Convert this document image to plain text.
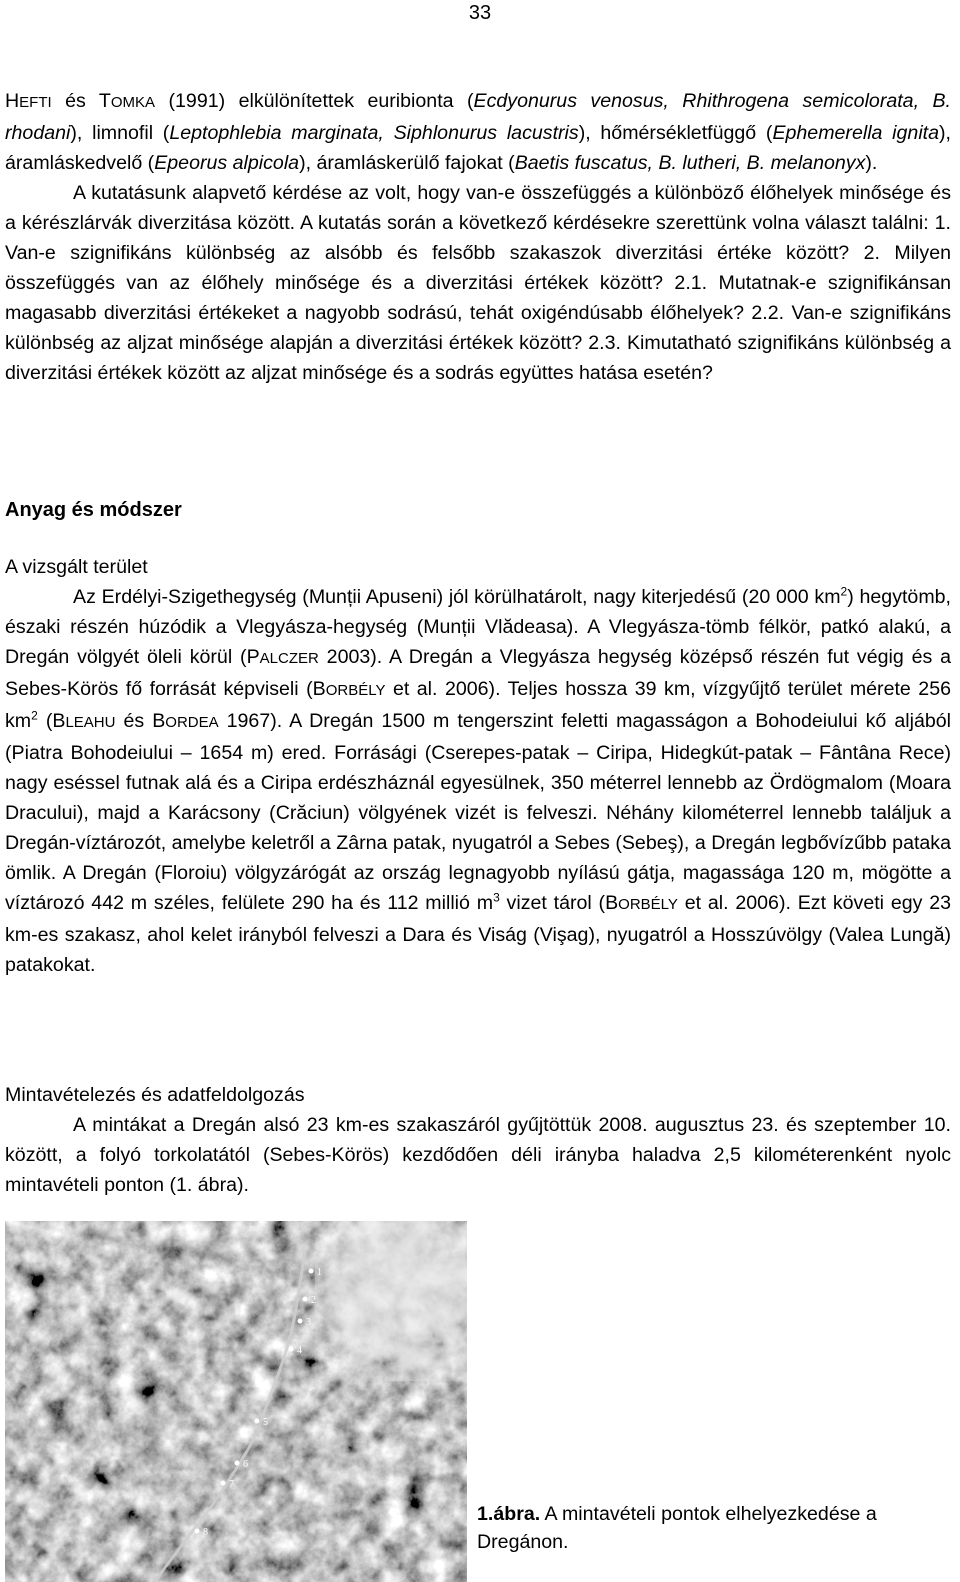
33

HEFTI és TOMKA (1991) elkülönítettek euribionta (Ecdyonurus venosus, Rhithrogena semicolorata, B. rhodani), limnofil (Leptophlebia marginata, Siphlonurus lacustris), hőmérsékletfüggő (Ephemerella ignita), áramláskedvelő (Epeorus alpicola), áramláskerülő fajokat (Baetis fuscatus, B. lutheri, B. melanonyx).
A kutatásunk alapvető kérdése az volt, hogy van-e összefüggés a különböző élőhelyek minősége és a kérészlárvák diverzitása között. A kutatás során a következő kérdésekre szerettünk volna választ találni: 1. Van-e szignifikáns különbség az alsóbb és felsőbb szakaszok diverzitási értéke között? 2. Milyen összefüggés van az élőhely minősége és a diverzitási értékek között? 2.1. Mutatnak-e szignifikánsan magasabb diverzitási értékeket a nagyobb sodrású, tehát oxigéndúsabb élőhelyek? 2.2. Van-e szignifikáns különbség az aljzat minősége alapján a diverzitási értékek között? 2.3. Kimutatható szignifikáns különbség a diverzitási értékek között az aljzat minősége és a sodrás együttes hatása esetén?

Anyag és módszer
A vizsgált terület

Az Erdélyi-Szigethegység (Munții Apuseni) jól körülhatárolt, nagy kiterjedésű (20 000 $km^2$) hegytömb, északi részén húzódik a Vlegyásza-hegység (Munții Vlădeasa). A Vlegyásza-tömb félkör, patkó alakú, a Dregán völgyét öleli körül (PALCZER 2003). A Dregán a Vlegyásza hegység középső részén fut végig és a Sebes-Körös fő forrását képviseli (BORBÉLY et al. 2006). Teljes hossza 39 km, vízgyűjtő terület mérete 256 $km^2$ (BLEAHU és BORDEA 1967). A Dregán 1500 m tengerszint feletti magasságon a Bohodeiului kő aljából (Piatra Bohodeiului – 1654 m) ered. Forrásági (Cserepes-patak – Ciripa, Hidegkút-patak – Fântâna Rece) nagy eséssel futnak alá és a Ciripa erdészháznál egyesülnek, 350 méterrel lennebb az Ördögmalom (Moara Dracului), majd a Karácsony (Crăciun) völgyének vizét is felveszi. Néhány kilométerrel lennebb találjuk a Dregán-víztározót, amelybe keletről a Zârna patak, nyugatról a Sebes (Sebeş), a Dregán legbővízűbb pataka ömlik. A Dregán (Floroiu) völgyzárógát az ország legnagyobb nyílású gátja, magassága 120 m, mögötte a víztározó 442 m széles, felülete 290 ha és 112 millió $m^3$ vizet tárol (BORBÉLY et al. 2006). Ezt követi egy 23 km-es szakasz, ahol kelet irányból felveszi a Dara és Viság (Vişag), nyugatról a Hosszúvölgy (Valea Lungă) patakokat.

Mintavételezés és adatfeldolgozás

A mintákat a Dregán alsó 23 km-es szakaszáról gyűjtöttük 2008. augusztus 23. és szeptember 10. között, a folyó torkolatától (Sebes-Körös) kezdődően déli irányba haladva 2,5 kilométerenként nyolc mintavételi ponton (1. ábra).

1
2
3
4
5
6
7
8

1.ábra. A mintavételi pontok elhelyezkedése a Dregánon.
